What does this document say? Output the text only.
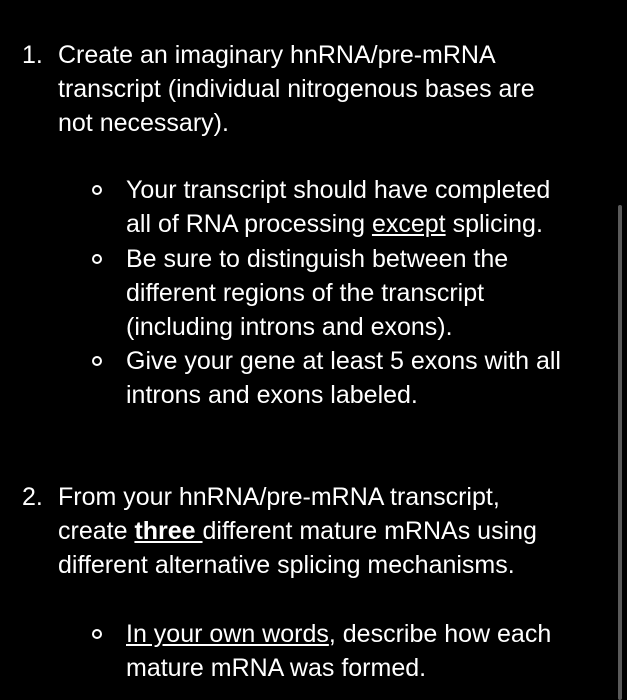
1. Create an imaginary hnRNA/pre-mRNA
transcript (individual nitrogenous bases are
not necessary).
Your transcript should have completed
all of RNA processing except splicing.
Be sure to distinguish between the
different regions of the transcript
(including introns and exons).
Give your gene at least 5 exons with all
introns and exons labeled.
2. From your hnRNA/pre-mRNA transcript,
create three different mature mRNAs using
different alternative splicing mechanisms.
In your own words, describe how each
mature mRNA was formed.
